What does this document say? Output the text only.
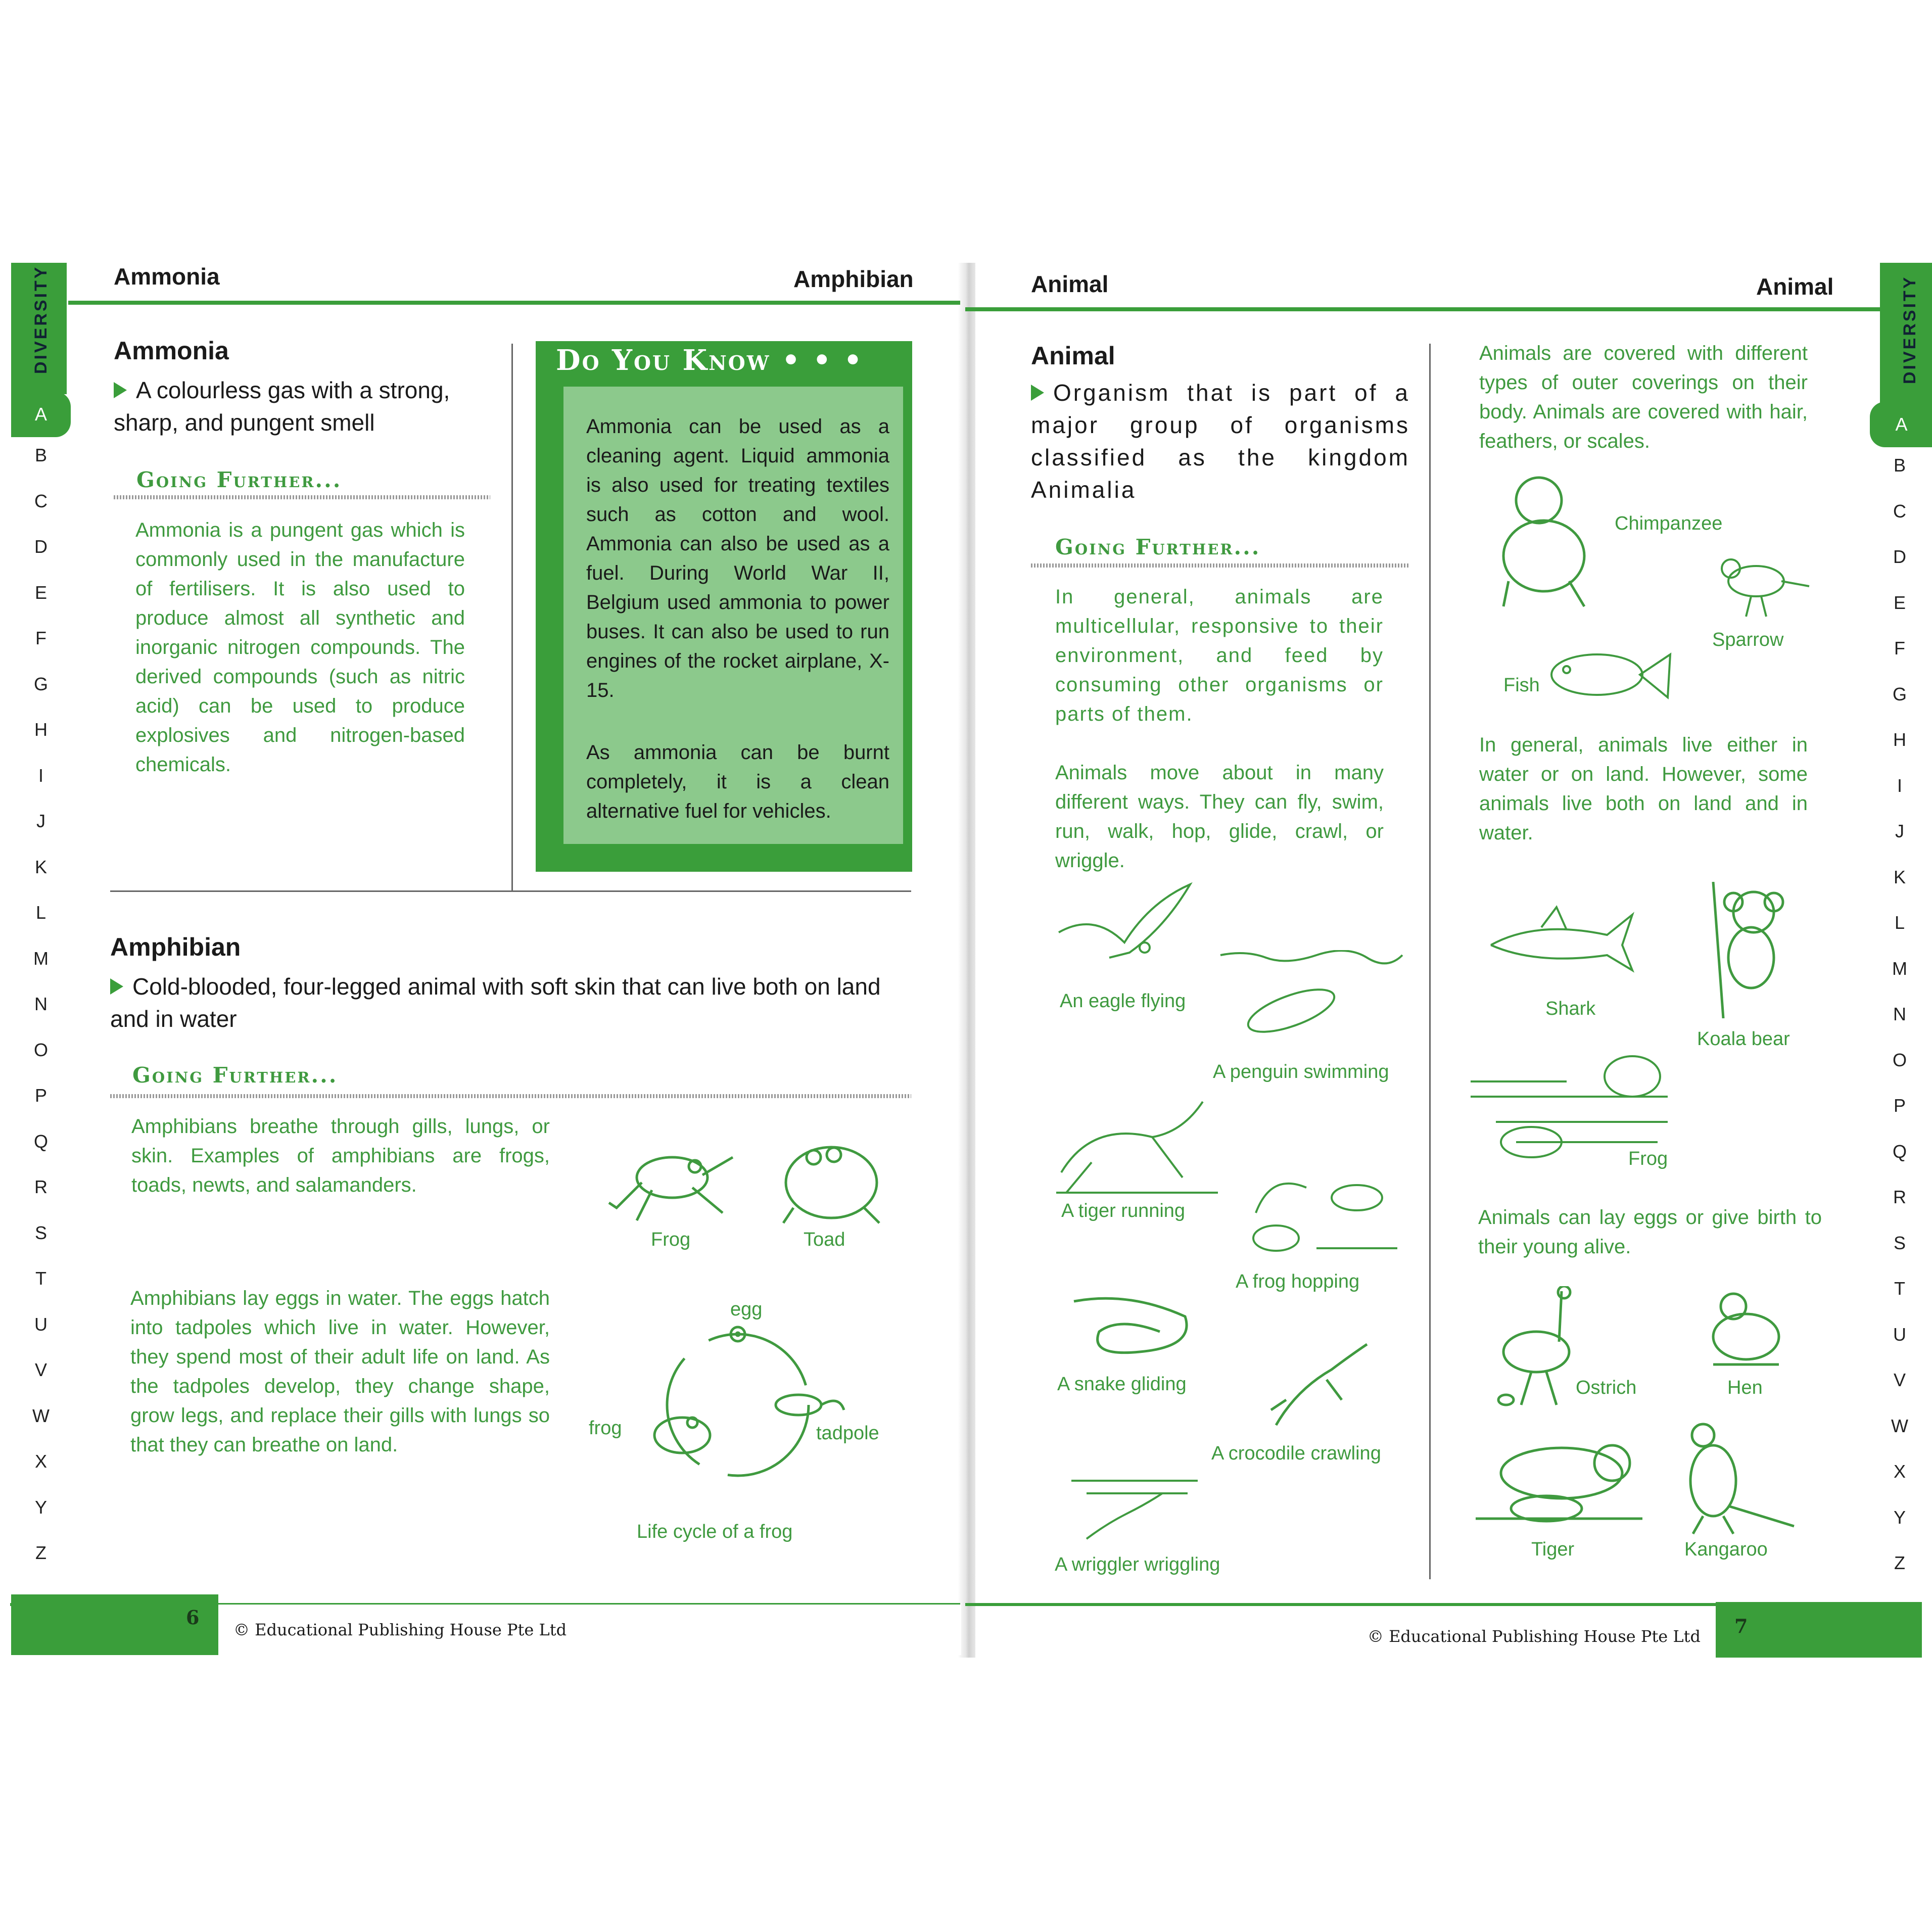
DIVERSITY
A
B
C
D
E
F
G
H
I
J
K
L
M
N
O
P
Q
R
S
T
U
V
W
X
Y
Z
DIVERSITY
A
B
C
D
E
F
G
H
I
J
K
L
M
N
O
P
Q
R
S
T
U
V
W
X
Y
Z
Ammonia	Amphibian
Ammonia
A colourless gas with a strong, sharp, and pungent smell
Going Further...
Ammonia is a pungent gas which is commonly used in the manufacture of fertilisers. It is also used to produce almost all synthetic and inorganic nitrogen compounds. The derived compounds (such as nitric acid) can be used to produce explosives and nitrogen-based chemicals.
Do You Know • • •
Ammonia can be used as a cleaning agent. Liquid ammonia is also used for treating textiles such as cotton and wool. Ammonia can also be used as a fuel. During World War II, Belgium used ammonia to power buses. It can also be used to run engines of the rocket airplane, X-15.
As ammonia can be burnt completely, it is a clean alternative fuel for vehicles.
Amphibian
Cold-blooded, four-legged animal with soft skin that can live both on land and in water
Going Further...
Amphibians breathe through gills, lungs, or skin. Examples of amphibians are frogs, toads, newts, and salamanders.
Amphibians lay eggs in water. The eggs hatch into tadpoles which live in water. However, they spend most of their adult life on land. As the tadpoles develop, they change shape, grow legs, and replace their gills with lungs so that they can breathe on land.
Frog	Toad
egg
tadpole
frog
Life cycle of a frog
6
© Educational Publishing House Pte Ltd
Animal	Animal
Animal
Organism that is part of a major group of organisms classified as the kingdom Animalia
Going Further...
In general, animals are multicellular, responsive to their environment, and feed by consuming other organisms or parts of them.
Animals move about in many different ways. They can fly, swim, run, walk, hop, glide, crawl, or wriggle.
An eagle flying
A penguin swimming
A tiger running
A frog hopping
A snake gliding
A crocodile crawling
A wriggler wriggling
Animals are covered with different types of outer coverings on their body. Animals are covered with hair, feathers, or scales.
Chimpanzee
Sparrow
Fish
In general, animals live either in water or on land. However, some animals live both on land and in water.
Shark
Koala bear
Frog
Animals can lay eggs or give birth to their young alive.
Ostrich	Hen
Tiger	Kangaroo
© Educational Publishing House Pte Ltd 7
